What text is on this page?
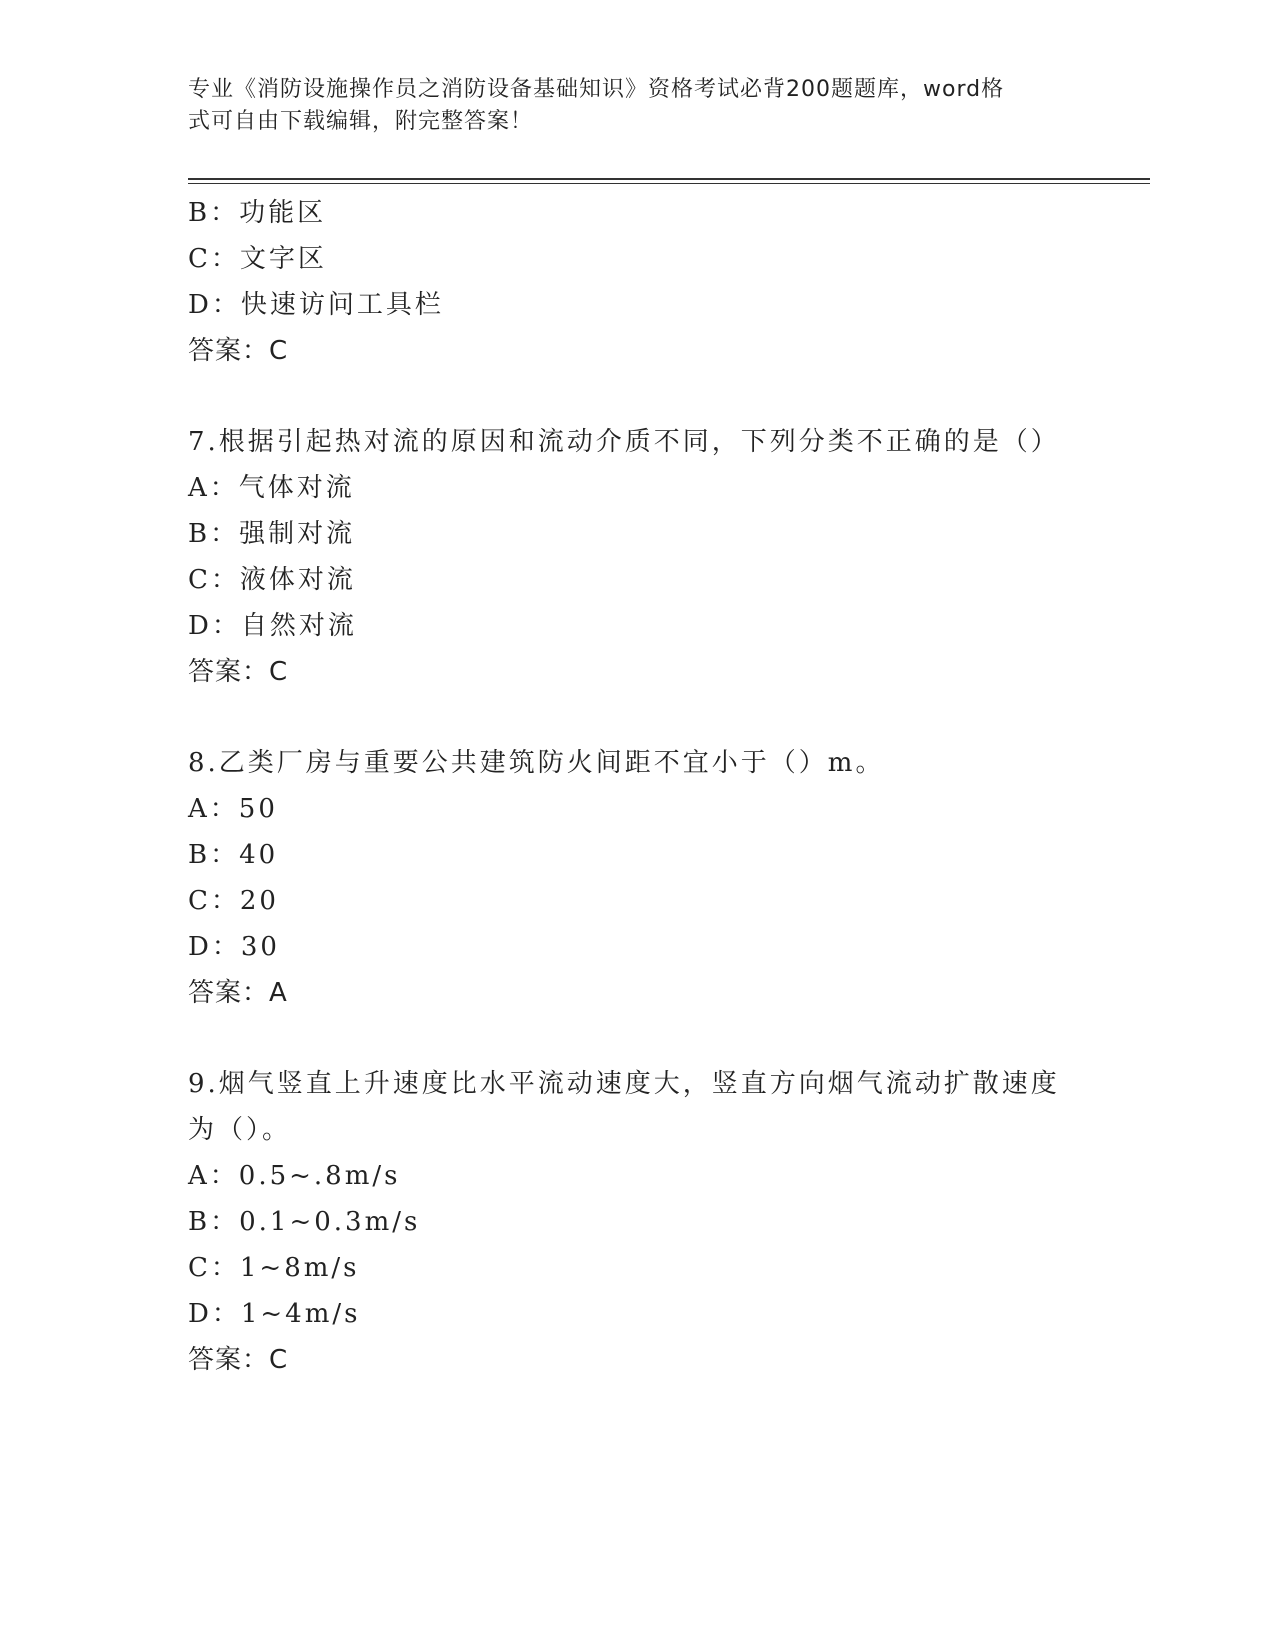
专业《消防设施操作员之消防设备基础知识》资格考试必背200题题库，word格
式可自由下载编辑，附完整答案！
B：功能区
C：文字区
D：快速访问工具栏
答案：C
7.根据引起热对流的原因和流动介质不同，下列分类不正确的是（）
A：气体对流
B：强制对流
C：液体对流
D：自然对流
答案：C
8.乙类厂房与重要公共建筑防火间距不宜小于（）m。
A：50
B：40
C：20
D：30
答案：A
9.烟气竖直上升速度比水平流动速度大，竖直方向烟气流动扩散速度
为（）。
A：0.5~.8m/s
B：0.1~0.3m/s
C：1~8m/s
D：1~4m/s
答案：C
